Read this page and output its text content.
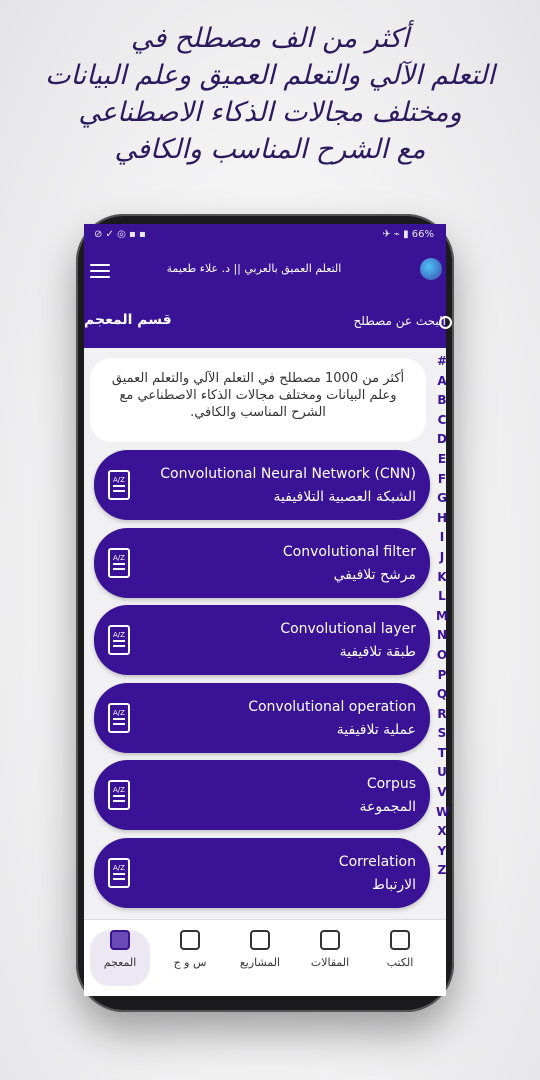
أكثر من الف مصطلح في
التعلم الآلي والتعلم العميق وعلم البيانات
ومختلف مجالات الذكاء الاصطناعي
مع الشرح المناسب والكافي
⊘ ✓ ◎ ▪ ▪	✈ ⌁ ▮ 66%
التعلم العميق بالعربي || د. علاء طعيمة
قسم المعجم	البحث عن مصطلح
أكثر من 1000 مصطلح في التعلم الآلي والتعلم العميق وعلم البيانات ومختلف مجالات الذكاء الاصطناعي مع الشرح المناسب والكافي.
#
A
B
C
D
E
F
G
H
I
J
K
L
M
N
O
P
Q
R
S
T
U
V
W
X
Y
Z
A/Z	Convolutional Neural Network (CNN)
الشبكة العصبية التلافيفية
A/Z	Convolutional filter
مرشح تلافيفي
A/Z	Convolutional layer
طبقة تلافيفية
A/Z	Convolutional operation
عملية تلافيفية
A/Z	Corpus
المجموعة
A/Z	Correlation
الارتباط
المعجم	س و ج	المشاريع	المقالات	الكتب
